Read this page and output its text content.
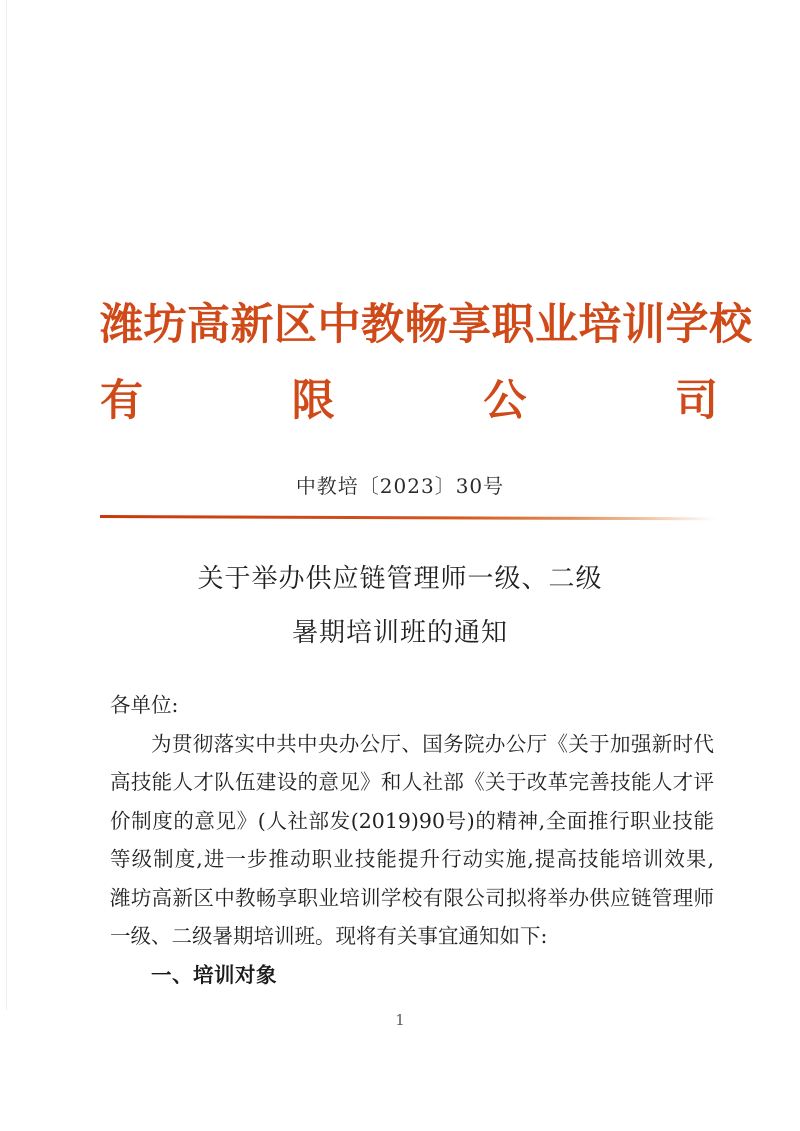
潍坊高新区中教畅享职业培训学校
有	限	公	司
中教培〔2023〕30号
关于举办供应链管理师一级、二级
暑期培训班的通知
各单位:
为贯彻落实中共中央办公厅、国务院办公厅《关于加强新时代
高技能人才队伍建设的意见》和人社部《关于改革完善技能人才评
价制度的意见》(人社部发(2019)90号)的精神,全面推行职业技能
等级制度,进一步推动职业技能提升行动实施,提高技能培训效果,
潍坊高新区中教畅享职业培训学校有限公司拟将举办供应链管理师
一级、二级暑期培训班。现将有关事宜通知如下:
一、培训对象
1
